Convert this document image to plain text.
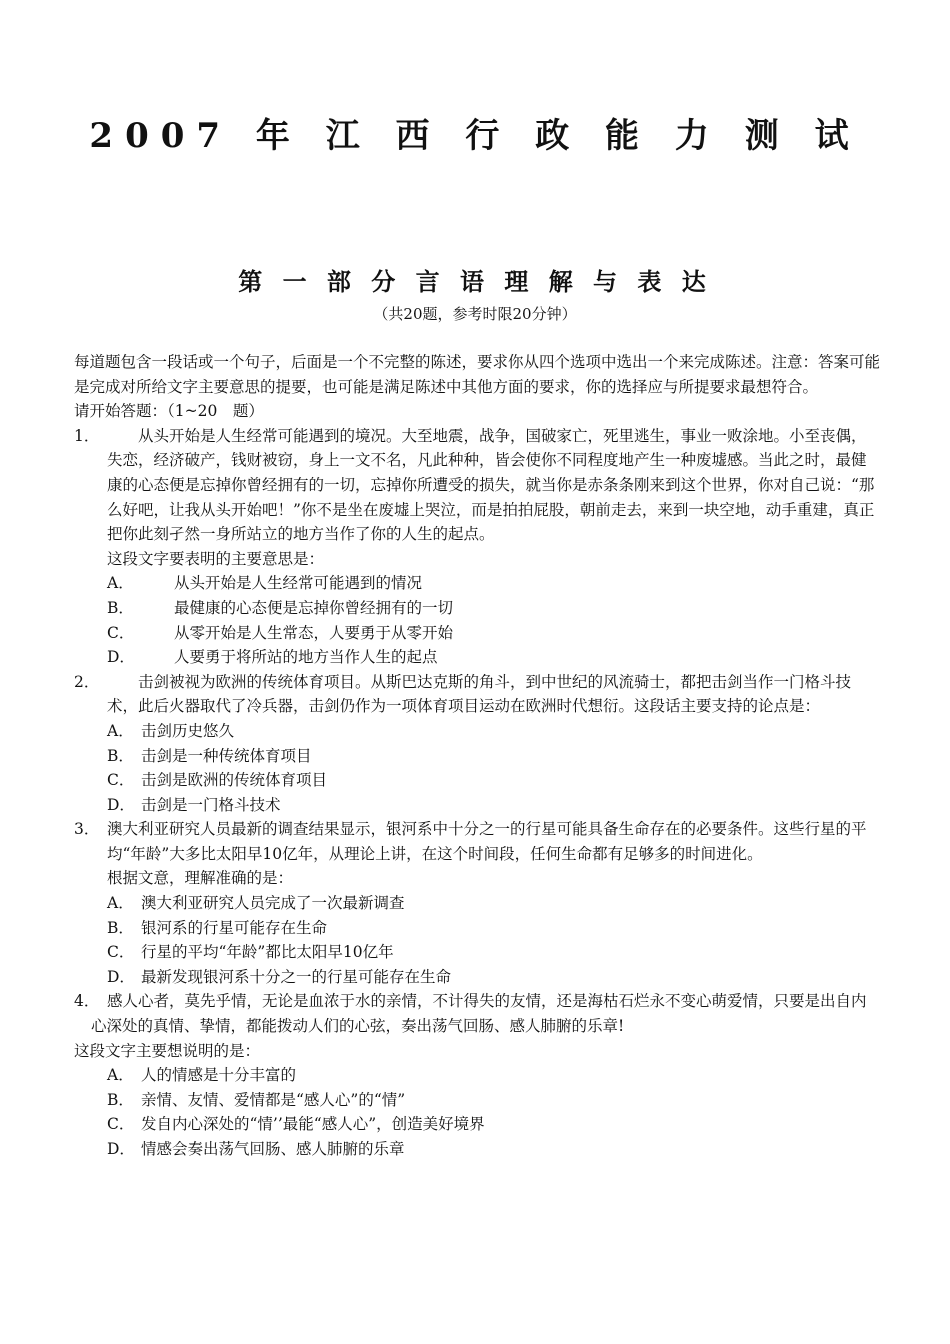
2007 年 江 西 行 政 能 力 测 试
第 一 部 分 言 语 理 解 与 表 达
（共20题，参考时限20分钟）

每道题包含一段话或一个句子，后面是一个不完整的陈述，要求你从四个选项中选出一个来完成陈述。注意：答案可能是完成对所给文字主要意思的提要，也可能是满足陈述中其他方面的要求，你的选择应与所提要求最想符合。

请开始答题：（1~20　题）

1． 　　从头开始是人生经常可能遇到的境况。大至地震，战争，国破家亡，死里逃生，事业一败涂地。小至丧偶，失恋，经济破产，钱财被窃，身上一文不名，凡此种种，皆会使你不同程度地产生一种废墟感。当此之时，最健康的心态便是忘掉你曾经拥有的一切，忘掉你所遭受的损失，就当你是赤条条刚来到这个世界，你对自己说：“那么好吧，让我从头开始吧！”你不是坐在废墟上哭泣，而是拍拍屁股，朝前走去，来到一块空地，动手重建，真正把你此刻孑然一身所站立的地方当作了你的人生的起点。

这段文字要表明的主要意思是：

A．	从头开始是人生经常可能遇到的情况

B．	最健康的心态便是忘掉你曾经拥有的一切

C．	从零开始是人生常态，人要勇于从零开始

D．	人要勇于将所站的地方当作人生的起点

2． 　　击剑被视为欧洲的传统体育项目。从斯巴达克斯的角斗，到中世纪的风流骑士，都把击剑当作一门格斗技术，此后火器取代了冷兵器，击剑仍作为一项体育项目运动在欧洲时代想衍。这段话主要支持的论点是：

A． 击剑历史悠久

B． 击剑是一种传统体育项目

C． 击剑是欧洲的传统体育项目

D． 击剑是一门格斗技术

3． 澳大利亚研究人员最新的调查结果显示，银河系中十分之一的行星可能具备生命存在的必要条件。这些行星的平均“年龄”大多比太阳早10亿年，从理论上讲，在这个时间段，任何生命都有足够多的时间进化。

根据文意，理解准确的是：

A． 澳大利亚研究人员完成了一次最新调查

B． 银河系的行星可能存在生命

C． 行星的平均“年龄”都比太阳早10亿年

D． 最新发现银河系十分之一的行星可能存在生命

4． 感人心者，莫先乎情，无论是血浓于水的亲情，不计得失的友情，还是海枯石烂永不变心萌爱情，只要是出自内心深处的真情、挚情，都能拨动人们的心弦，奏出荡气回肠、感人肺腑的乐章!

这段文字主要想说明的是：

A． 人的情感是十分丰富的

B． 亲情、友情、爱情都是“感人心”的“情”

C． 发自内心深处的“情’’最能“感人心”，创造美好境界

D． 情感会奏出荡气回肠、感人肺腑的乐章
